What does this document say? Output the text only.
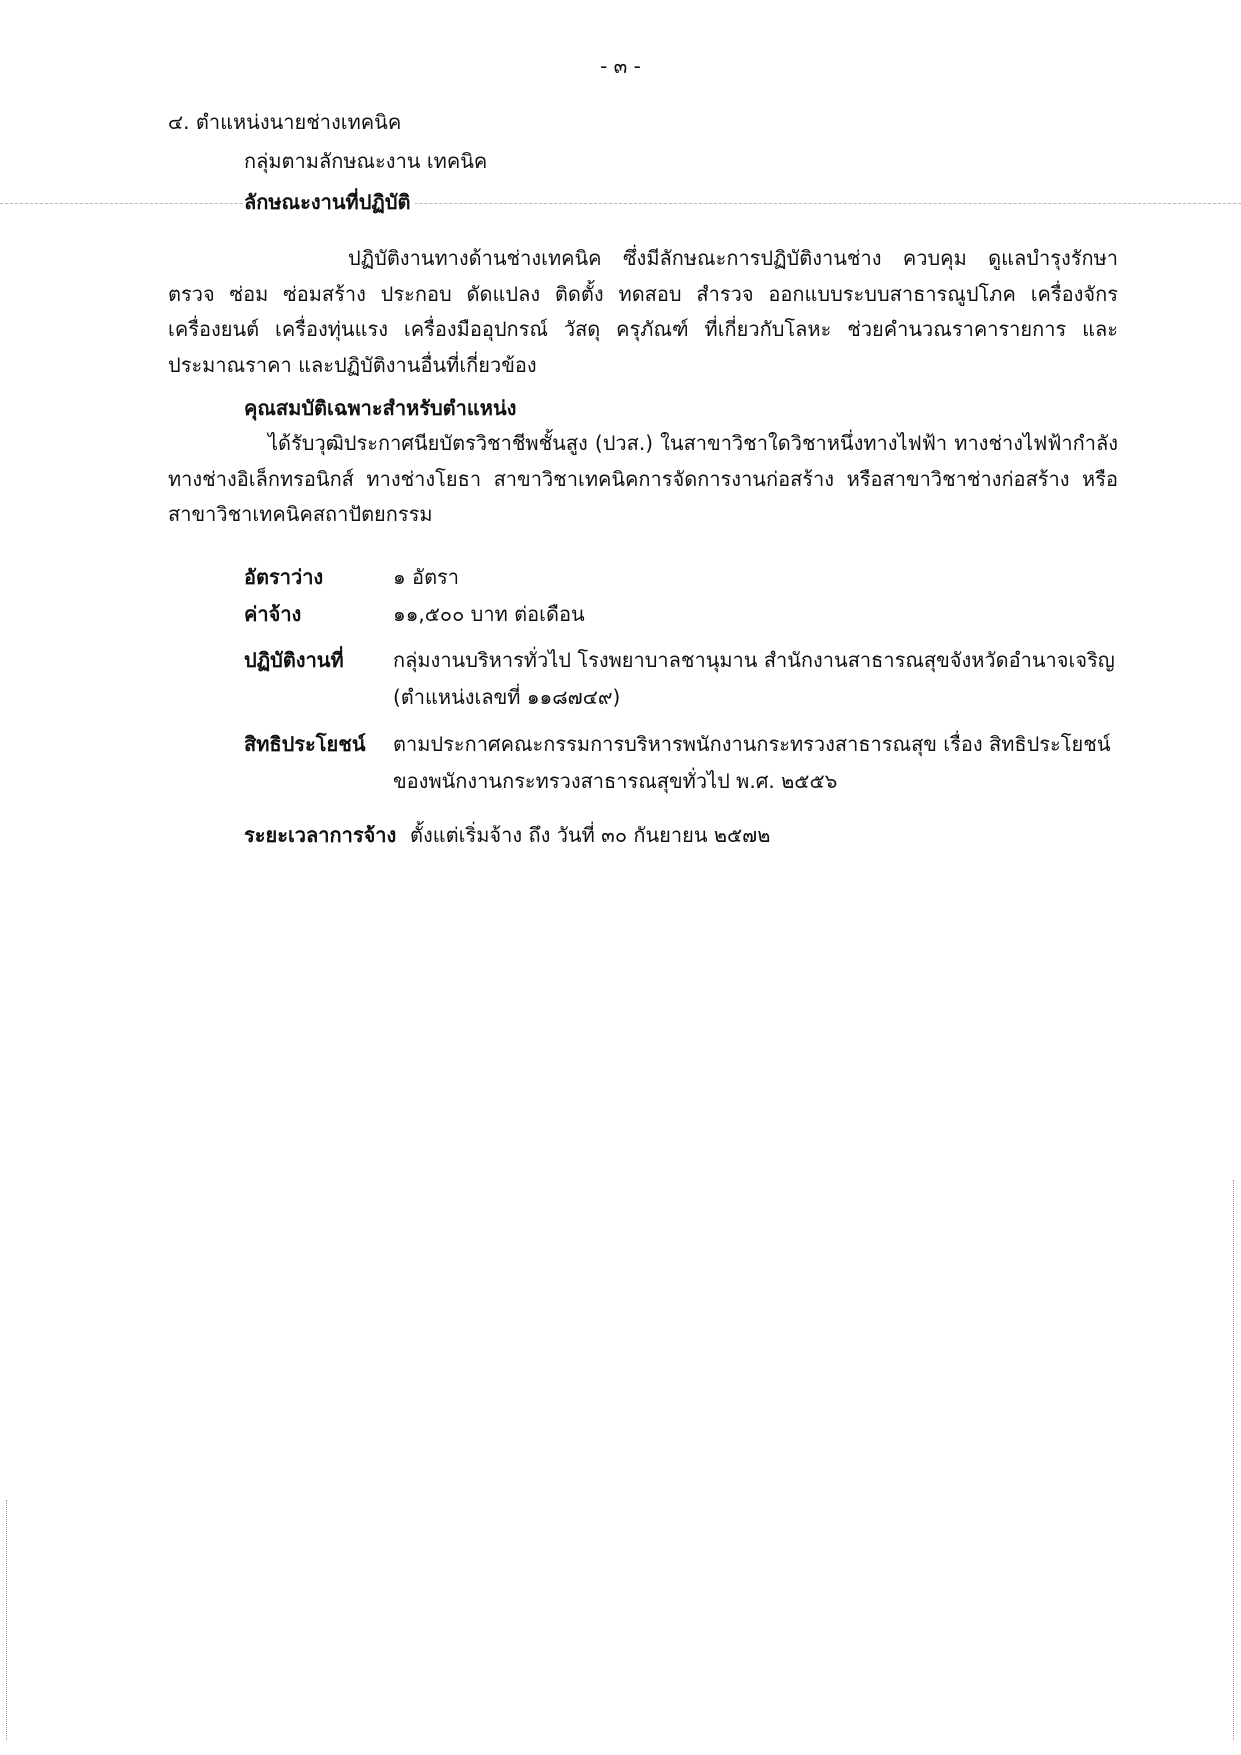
- ๓ -
๔. ตำแหน่งนายช่างเทคนิค
กลุ่มตามลักษณะงาน เทคนิค
ลักษณะงานที่ปฏิบัติ
ปฏิบัติงานทางด้านช่างเทคนิค ซึ่งมีลักษณะการปฏิบัติงานช่าง ควบคุม ดูแลบำรุงรักษา ตรวจ ซ่อม ซ่อมสร้าง ประกอบ ดัดแปลง ติดตั้ง ทดสอบ สำรวจ ออกแบบระบบสาธารณูปโภค เครื่องจักร เครื่องยนต์ เครื่องทุ่นแรง เครื่องมืออุปกรณ์ วัสดุ ครุภัณฑ์ ที่เกี่ยวกับโลหะ ช่วยคำนวณราคารายการ และประมาณราคา และปฏิบัติงานอื่นที่เกี่ยวข้อง
คุณสมบัติเฉพาะสำหรับตำแหน่ง
ได้รับวุฒิประกาศนียบัตรวิชาชีพชั้นสูง (ปวส.) ในสาขาวิชาใดวิชาหนึ่งทางไฟฟ้า ทางช่างไฟฟ้ากำลัง ทางช่างอิเล็กทรอนิกส์ ทางช่างโยธา สาขาวิชาเทคนิคการจัดการงานก่อสร้าง หรือสาขาวิชาช่างก่อสร้าง หรือ สาขาวิชาเทคนิคสถาปัตยกรรม
อัตราว่าง	๑ อัตรา
ค่าจ้าง	๑๑,๕๐๐ บาท ต่อเดือน
ปฏิบัติงานที่ กลุ่มงานบริหารทั่วไป โรงพยาบาลชานุมาน สำนักงานสาธารณสุขจังหวัดอำนาจเจริญ
(ตำแหน่งเลขที่ ๑๑๘๗๔๙)
สิทธิประโยชน์ ตามประกาศคณะกรรมการบริหารพนักงานกระทรวงสาธารณสุข เรื่อง สิทธิประโยชน์
ของพนักงานกระทรวงสาธารณสุขทั่วไป พ.ศ. ๒๕๕๖
ระยะเวลาการจ้าง ตั้งแต่เริ่มจ้าง ถึง วันที่ ๓๐ กันยายน ๒๕๗๒
